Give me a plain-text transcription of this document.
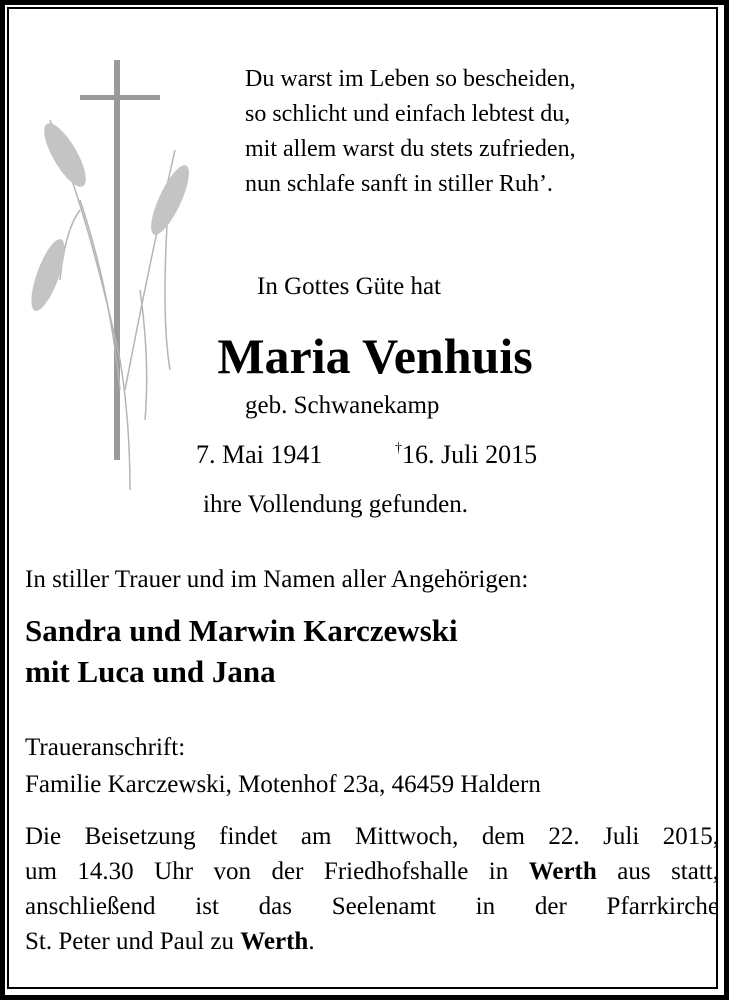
Du warst im Leben so bescheiden,
so schlicht und einfach lebtest du,
mit allem warst du stets zufrieden,
nun schlafe sanft in stiller Ruh’.
In Gottes Güte hat
Maria Venhuis
geb. Schwanekamp
7. Mai 1941	†16. Juli 2015
ihre Vollendung gefunden.
In stiller Trauer und im Namen aller Angehörigen:
Sandra und Marwin Karczewski
mit Luca und Jana
Traueranschrift:
Familie Karczewski, Motenhof 23a, 46459 Haldern
Die Beisetzung findet am Mittwoch, dem 22. Juli 2015,
um 14.30 Uhr von der Friedhofshalle in Werth aus statt,
anschließend ist das Seelenamt in der Pfarrkirche
St. Peter und Paul zu Werth.
